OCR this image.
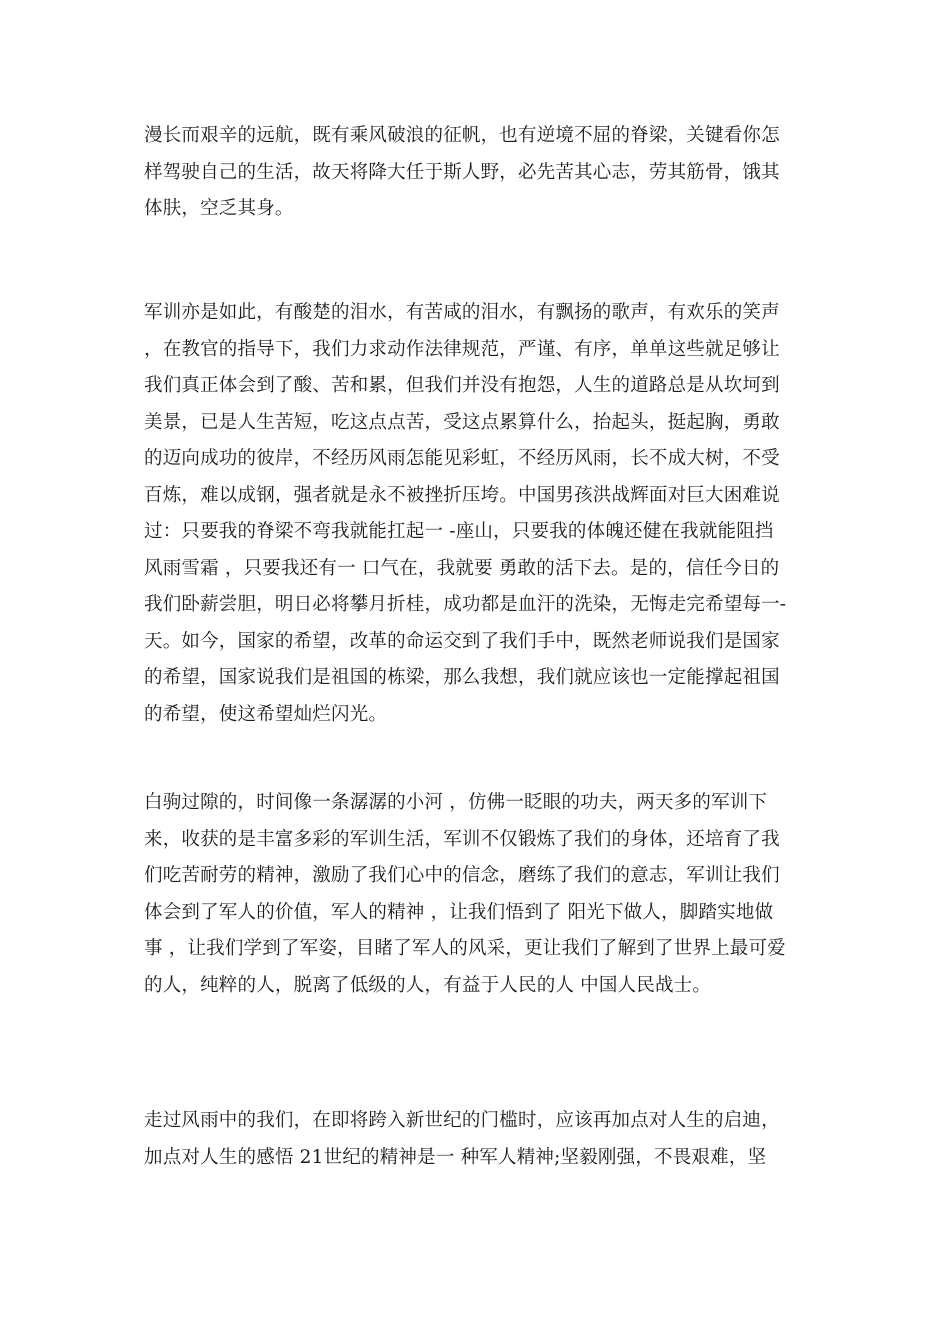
漫长而艰辛的远航，既有乘风破浪的征帆，也有逆境不屈的脊梁，关键看你怎
样驾驶自己的生活，故天将降大任于斯人野，必先苦其心志，劳其筋骨，饿其
体肤，空乏其身。
军训亦是如此，有酸楚的泪水，有苦咸的泪水，有飘扬的歌声，有欢乐的笑声
，在教官的指导下，我们力求动作法律规范，严谨、有序，单单这些就足够让
我们真正体会到了酸、苦和累，但我们并没有抱怨，人生的道路总是从坎坷到
美景，已是人生苦短，吃这点点苦，受这点累算什么，抬起头，挺起胸，勇敢
的迈向成功的彼岸，不经历风雨怎能见彩虹，不经历风雨，长不成大树，不受
百炼，难以成钢，强者就是永不被挫折压垮。中国男孩洪战辉面对巨大困难说
过：只要我的脊梁不弯我就能扛起一 -座山，只要我的体魄还健在我就能阻挡
风雨雪霜 ，只要我还有一 口气在，我就要 勇敢的活下去。是的，信任今日的
我们卧薪尝胆，明日必将攀月折桂，成功都是血汗的洗染，无悔走完希望每一-
天。如今，国家的希望，改革的命运交到了我们手中，既然老师说我们是国家
的希望，国家说我们是祖国的栋梁，那么我想，我们就应该也一定能撑起祖国
的希望，使这希望灿烂闪光。
白驹过隙的，时间像一条潺潺的小河 ，仿佛一眨眼的功夫，两天多的军训下
来，收获的是丰富多彩的军训生活，军训不仅锻炼了我们的身体，还培育了我
们吃苦耐劳的精神，激励了我们心中的信念，磨练了我们的意志，军训让我们
体会到了军人的价值，军人的精神 ，让我们悟到了 阳光下做人，脚踏实地做
事 ，让我们学到了军姿，目睹了军人的风采，更让我们了解到了世界上最可爱
的人，纯粹的人，脱离了低级的人，有益于人民的人 中国人民战士。
走过风雨中的我们，在即将跨入新世纪的门槛时，应该再加点对人生的启迪，
加点对人生的感悟 21世纪的精神是一 种军人精神;坚毅刚强，不畏艰难，坚
